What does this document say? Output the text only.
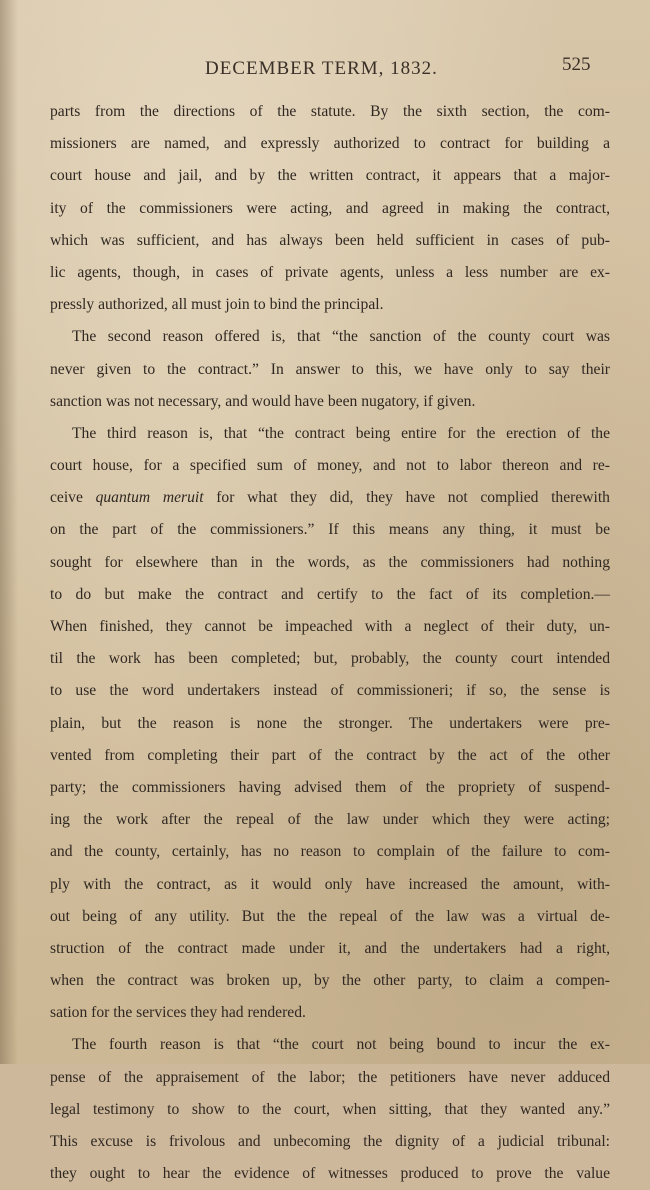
DECEMBER TERM, 1832.	525
parts from the directions of the statute. By the sixth section, the com-
missioners are named, and expressly authorized to contract for building a
court house and jail, and by the written contract, it appears that a major-
ity of the commissioners were acting, and agreed in making the contract,
which was sufficient, and has always been held sufficient in cases of pub-
lic agents, though, in cases of private agents, unless a less number are ex-
pressly authorized, all must join to bind the principal.
The second reason offered is, that “the sanction of the county court was
never given to the contract.” In answer to this, we have only to say their
sanction was not necessary, and would have been nugatory, if given.
The third reason is, that “the contract being entire for the erection of the
court house, for a specified sum of money, and not to labor thereon and re-
ceive quantum meruit for what they did, they have not complied therewith
on the part of the commissioners.” If this means any thing, it must be
sought for elsewhere than in the words, as the commissioners had nothing
to do but make the contract and certify to the fact of its completion.—
When finished, they cannot be impeached with a neglect of their duty, un-
til the work has been completed; but, probably, the county court intended
to use the word undertakers instead of commissioneri; if so, the sense is
plain, but the reason is none the stronger. The undertakers were pre-
vented from completing their part of the contract by the act of the other
party; the commissioners having advised them of the propriety of suspend-
ing the work after the repeal of the law under which they were acting;
and the county, certainly, has no reason to complain of the failure to com-
ply with the contract, as it would only have increased the amount, with-
out being of any utility. But the the repeal of the law was a virtual de-
struction of the contract made under it, and the undertakers had a right,
when the contract was broken up, by the other party, to claim a compen-
sation for the services they had rendered.
The fourth reason is that “the court not being bound to incur the ex-
pense of the appraisement of the labor; the petitioners have never adduced
legal testimony to show to the court, when sitting, that they wanted any.”
This excuse is frivolous and unbecoming the dignity of a judicial tribunal:
they ought to hear the evidence of witnesses produced to prove the value
